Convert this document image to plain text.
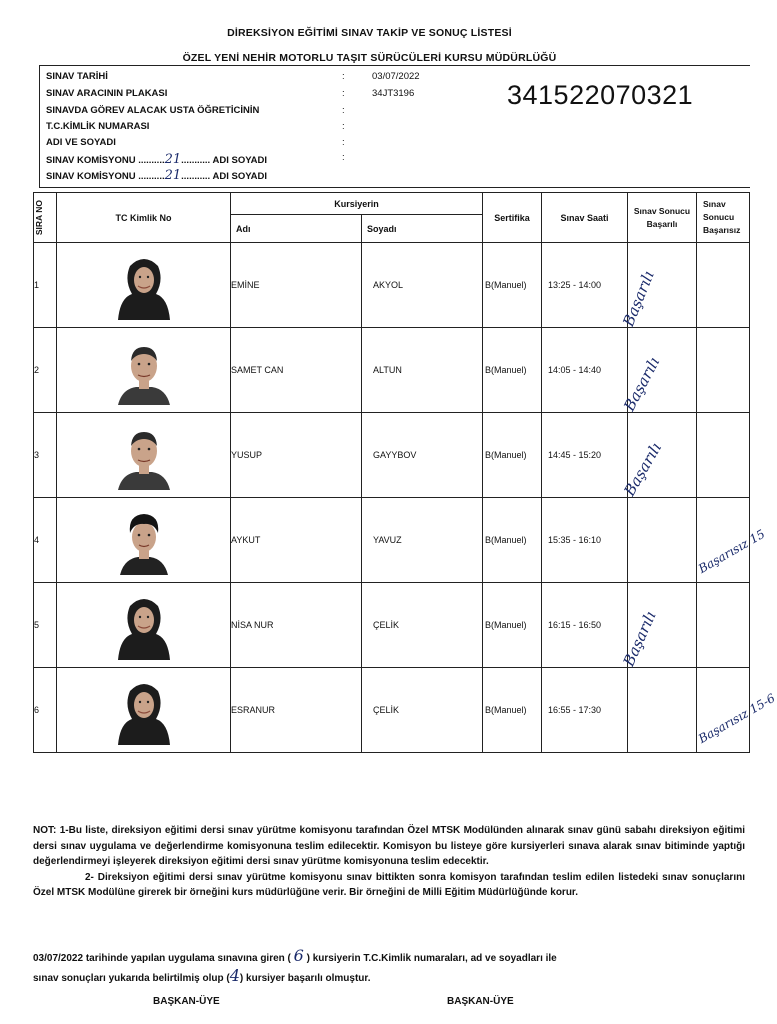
DİREKSİYON EĞİTİMİ SINAV TAKİP VE SONUÇ LİSTESİ
ÖZEL YENİ NEHİR MOTORLU TAŞIT SÜRÜCÜLERİ KURSU MÜDÜRLÜĞÜ
SINAV TARİHİ	:	03/07/2022
SINAV ARACININ PLAKASI	:	34JT3196
SINAVDA GÖREV ALACAK USTA ÖĞRETİCİNİN	:
T.C.KİMLİK NUMARASI	:
ADI VE SOYADI	:
SINAV KOMİSYONU ..........21........... ADI SOYADI	:
SINAV KOMİSYONU ..........21........... ADI SOYADI
341522070321
SIRA NO	TC Kimlik No	Kursiyerin		Sertifika	Sınav Saati	Sınav Sonucu Başarılı	Sınav Sonucu Başarısız
		Adı	Soyadı				
1		EMİNE	AKYOL	B(Manuel)	13:25 - 14:00	Başarılı	

2		SAMET CAN	ALTUN	B(Manuel)	14:05 - 14:40	Başarılı	

3		YUSUP	GAYYBOV	B(Manuel)	14:45 - 15:20	Başarılı	

4		AYKUT	YAVUZ	B(Manuel)	15:35 - 16:10		Başarısız 15

5		NİSA NUR	ÇELİK	B(Manuel)	16:15 - 16:50	Başarılı	

6		ESRANUR	ÇELİK	B(Manuel)	16:55 - 17:30		Başarısız 15-6

NOT: 1-Bu liste, direksiyon eğitimi dersi sınav yürütme komisyonu tarafından Özel MTSK Modülünden alınarak sınav günü sabahı direksiyon eğitimi dersi sınav uygulama ve değerlendirme komisyonuna teslim edilecektir. Komisyon bu listeye göre kursiyerleri sınava alarak sınav bitiminde yaptığı değerlendirmeyi işleyerek direksiyon eğitimi dersi sınav yürütme komisyonuna teslim edecektir.

2- Direksiyon eğitimi dersi sınav yürütme komisyonu sınav bittikten sonra komisyon tarafından teslim edilen listedeki sınav sonuçlarını Özel MTSK Modülüne girerek bir örneğini kurs müdürlüğüne verir. Bir örneğini de Milli Eğitim Müdürlüğünde korur.

03/07/2022 tarihinde yapılan uygulama sınavına giren ( 6 ) kursiyerin T.C.Kimlik numaraları, ad ve soyadları ile
sınav sonuçları yukarıda belirtilmiş olup (4) kursiyer başarılı olmuştur.
BAŞKAN-ÜYE	BAŞKAN-ÜYE
